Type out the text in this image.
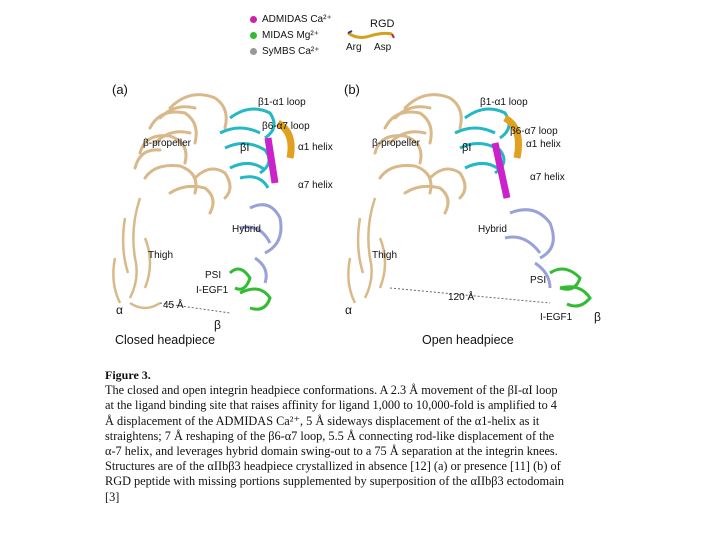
ADMIDAS Ca²⁺
MIDAS Mg²⁺
SyMBS Ca²⁺
RGD
Arg Asp
(a)
β1-α1 loop
β6-α7 loop
α1 helix
β-propeller	βI
α7 helix
Hybrid
Thigh
PSI
I-EGF1
45 Å
α
β
Closed headpiece
(b)
β1-α1 loop
β6-α7 loop
α1 helix
β-propeller	βI
α7 helix
Hybrid
Thigh
PSI
120 Å
I-EGF1
α	β
Open headpiece
Figure 3.
The closed and open integrin headpiece conformations. A 2.3 Å movement of the βI-αI loop
at the ligand binding site that raises affinity for ligand 1,000 to 10,000-fold is amplified to 4
Å displacement of the ADMIDAS Ca²⁺, 5 Å sideways displacement of the α1-helix as it
straightens; 7 Å reshaping of the β6-α7 loop, 5.5 Å connecting rod-like displacement of the
α-7 helix, and leverages hybrid domain swing-out to a 75 Å separation at the integrin knees.
Structures are of the αIIbβ3 headpiece crystallized in absence [12] (a) or presence [11] (b) of
RGD peptide with missing portions supplemented by superposition of the αIIbβ3 ectodomain
[3]
